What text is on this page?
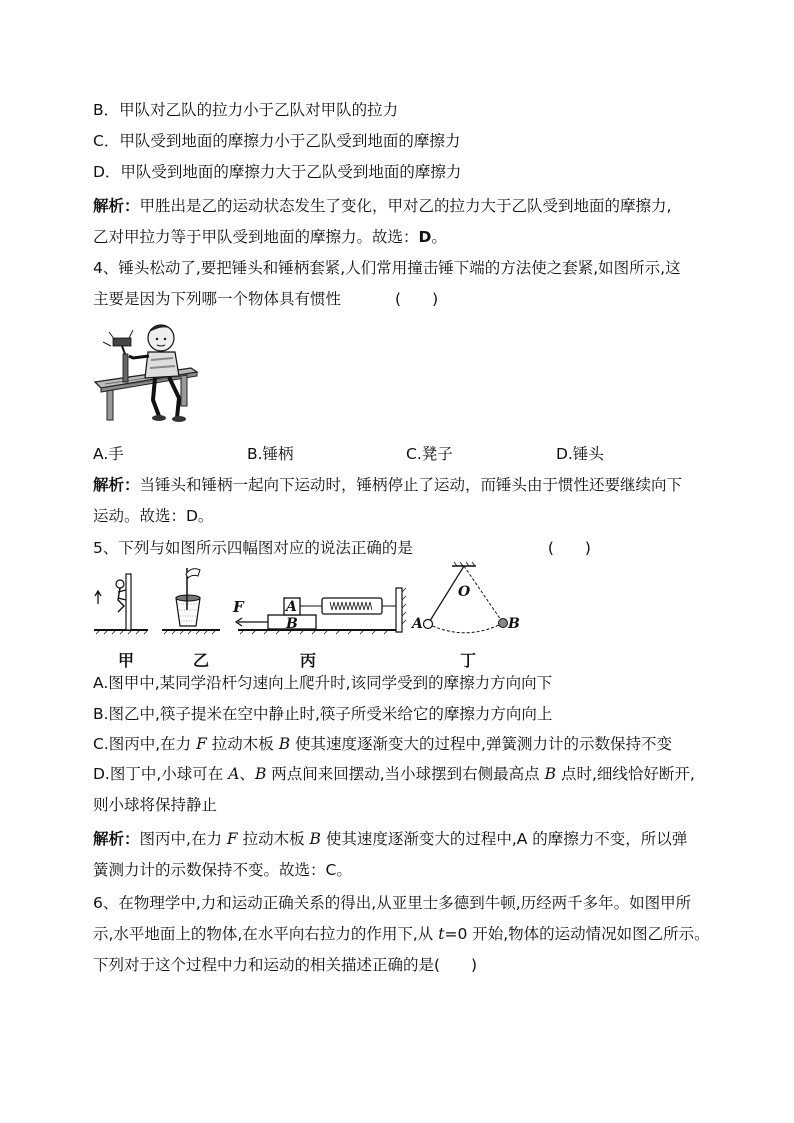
B．甲队对乙队的拉力小于乙队对甲队的拉力
C．甲队受到地面的摩擦力小于乙队受到地面的摩擦力
D．甲队受到地面的摩擦力大于乙队受到地面的摩擦力
解析：甲胜出是乙的运动状态发生了变化，甲对乙的拉力大于乙队受到地面的摩擦力,
乙对甲拉力等于甲队受到地面的摩擦力。故选：D。
4、锤头松动了,要把锤头和锤柄套紧,人们常用撞击锤下端的方法使之套紧,如图所示,这
主要是因为下列哪一个物体具有惯性	(　　)
A.手	B.锤柄	C.凳子	D.锤头
解析：当锤头和锤柄一起向下运动时，锤柄停止了运动，而锤头由于惯性还要继续向下
运动。故选：D。
5、下列与如图所示四幅图对应的说法正确的是	(　　)
F	A
B
O
A	B
甲	乙	丙	丁
A.图甲中,某同学沿杆匀速向上爬升时,该同学受到的摩擦力方向向下
B.图乙中,筷子提米在空中静止时,筷子所受米给它的摩擦力方向向上
C.图丙中,在力 F 拉动木板 B 使其速度逐渐变大的过程中,弹簧测力计的示数保持不变
D.图丁中,小球可在 A、B 两点间来回摆动,当小球摆到右侧最高点 B 点时,细线恰好断开,
则小球将保持静止
解析：图丙中,在力 F 拉动木板 B 使其速度逐渐变大的过程中,A 的摩擦力不变，所以弹
簧测力计的示数保持不变。故选：C。
6、在物理学中,力和运动正确关系的得出,从亚里士多德到牛顿,历经两千多年。如图甲所
示,水平地面上的物体,在水平向右拉力的作用下,从 t=0 开始,物体的运动情况如图乙所示。
下列对于这个过程中力和运动的相关描述正确的是(　　)
